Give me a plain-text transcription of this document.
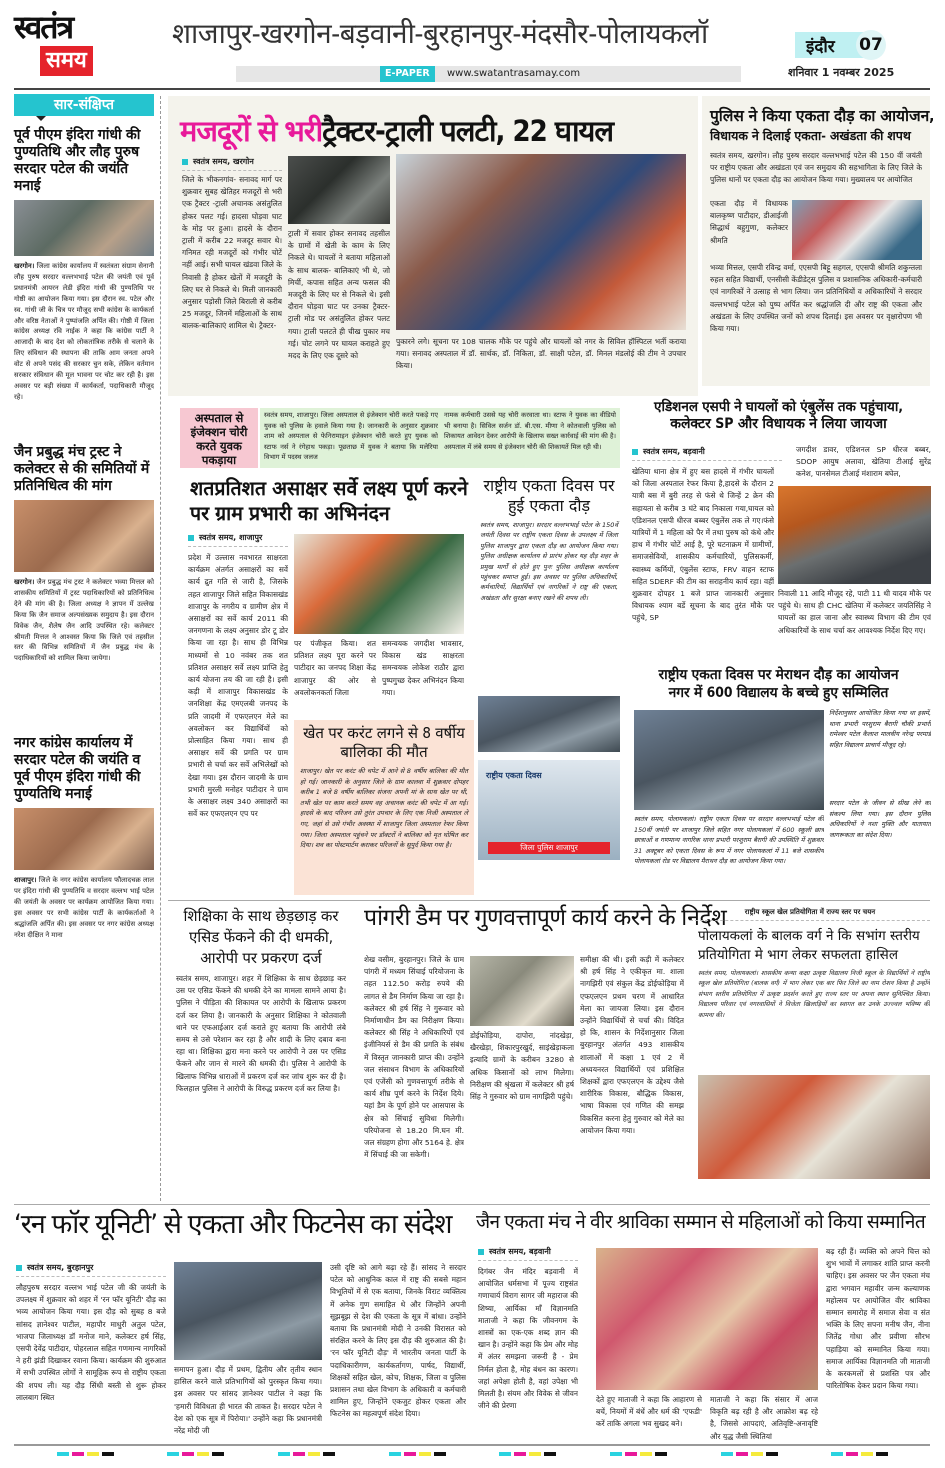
स्वतंत्र
समय
शाजापुर-खरगोन-बड़वानी-बुरहानपुर-मंदसौर-पोलायकलॉ
E-PAPER	www.swatantrasamay.com
इंदौर 07
शनिवार 1 नवम्बर 2025
सार-संक्षिप्त
पूर्व पीएम इंदिरा गांधी की पुण्यतिथि और लौह पुरुष सरदार पटेल की जयंति मनाई
खरगोन। जिला कांग्रेस कार्यालय में स्वतंत्रता संग्राम सेनानी लौह पुरुष सरदार वल्लभभाई पटेल की जयंती एवं पूर्व प्रधानमंत्री आयरन लेडी इंदिरा गांधी की पुण्यतिथि पर गोष्ठी का आयोजन किया गया। इस दौरान स्व. पटेल और स्व. गांधी जी के चित्र पर मौजूद सभी कांग्रेस के कार्यकर्ता और वरिष्ठ नेताओं ने पुष्पांजलि अर्पित की। गोष्ठी में जिला कांग्रेस अध्यक्ष रवि नाईक ने कहा कि कांग्रेस पार्टी ने आजादी के बाद देश को लोकतांत्रिक तरीके से चलाने के लिए संविधान की स्थापना की ताकि आम जनता अपने वोट से अपने पसंद की सरकार चुन सके, लेकिन वर्तमान सरकार संविधान की मूल भावना पर चोट कर रही है। इस अवसर पर बड़ी संख्या में कार्यकर्ता, पदाधिकारी मौजूद रहे।
जैन प्रबुद्ध मंच ट्रस्ट ने कलेक्टर से की समितियों में प्रतिनिधित्व की मांग
खरगोन। जैन प्रबुद्ध मंच ट्रस्ट ने कलेक्टर भव्या मित्तल को शासकीय समितियों में ट्रस्ट पदाधिकारियों को प्रतिनिधित्व देने की मांग की है। जिला अध्यक्ष ने ज्ञापन में उल्लेख किया कि जैन समाज अल्पसंख्यक समुदाय है। इस दौरान विवेक जैन, शैलेष जैन आदि उपस्थित रहे। कलेक्टर श्रीमती मित्तल ने आश्वस्त किया कि जिले एवं तहसील स्तर की विभिन्न समितियों में जैन प्रबुद्ध मंच के पदाधिकारियों को शामिल किया जायेगा।
नगर कांग्रेस कार्यालय में सरदार पटेल की जयंति व पूर्व पीएम इंदिरा गांधी की पुण्यतिथि मनाई
शाजापुर। जिले के नगर कांग्रेस कार्यालय फौलादचक्र लाल पर इंदिरा गांधी की पुण्यतिथि व सरदार वल्लभ भाई पटेल की जयंती के अवसर पर कार्यक्रम आयोजित किया गया। इस अवसर पर सभी कांग्रेस पार्टी के कार्यकर्ताओं ने श्रद्धांजलि अर्पित की। इस अवसर पर नगर कांग्रेस अध्यक्ष नरेश दीक्षित ने माना
मजदूरों से भरीट्रैक्टर-ट्राली पलटी, 22 घायल
स्वतंत्र समय, खरगोन
जिले के भीकनगांव- सनावद मार्ग पर शुक्रवार सुबह खेतिहर मजदूरों से भरी एक ट्रैक्टर -ट्राली अचानक असंतुलित होकर पलट गई। हादसा घोड़वा घाट के मोड़ पर हुआ। हादसे के दौरान ट्राली में करीब 22 मजदूर सवार थे। गनिमत रही मजदूरों को गंभीर चोटें नहीं आई। सभी घायल खंडवा जिले के निवासी है होकर खेतों में मजदूरी के लिए घर से निकले थे। मिली जानकारी अनुसार पड़ोसी जिले बिराली से करीब 25 मजदूर, जिनमें महिलाओं के साथ बालक-बालिकाएं शामिल थे। ट्रैक्टर-
ट्राली में सवार होकर सनावद तहसील के ग्रामों में खेती के काम के लिए निकले थे। घायलों ने बताया महिलाओं के साथ बालक- बालिकाएं भी थे, जो मिर्ची, कपास सहित अन्य फसल की मजदूरी के लिए घर से निकले थे। इसी दौरान घोड़वा घाट पर उनका ट्रैक्टर-ट्राली मोड पर असंतुलित होकर पलट गया। ट्राली पलटते ही चीख पुकार मच गई। चोट लगने पर घायल कराहते हुए मदद के लिए एक दूसरे को
पुकारने लगे। सूचना पर 108 चालक मौके पर पहुंचे और घायलों को नगर के सिविल हॉस्पिटल भर्ती कराया गया। सनावद अस्पताल में डॉ. सार्थक, डॉ. निकिता, डॉ. साक्षी पटेल, डॉ. मिनल मंडलोई की टीम ने उपचार किया।
पुलिस ने किया एकता दौड़ का आयोजन,
विधायक ने दिलाई एकता- अखंडता की शपथ
स्वतंत्र समय, खरगोन। लौह पुरुष सरदार वल्लभभाई पटेल की 150 वीं जयंती पर राष्ट्रीय एकता और अखंडता एवं जन समुदाय की सहभागिता के लिए जिले के पुलिस थानों पर एकता दौड़ का आयोजन किया गया। मुख्यालय पर आयोजित
एकता दौड़ में विधायक बालकृष्ण पाटीदार, डीआईजी सिद्धार्थ बहुगुणा, कलेक्टर श्रीमति
भव्या मित्तल, एसपी रविन्द्र वर्मा, एएसपी बिट्टू सहगल, एएसपी श्रीमति शकुन्तला रुहल सहित विद्यार्थी, एनसीसी केंडीडेट्स पुलिस व प्रशासनिक अधिकारी-कर्मचारी एवं नागरिकों ने उत्साह से भाग लिया। जन प्रतिनिधियों व अधिकारियों ने सरदार वल्लभभाई पटेल को पुष्प अर्पित कर श्रद्धांजलि दी और राष्ट्र की एकता और अखंडता के लिए उपस्थित जनों को शपथ दिलाई। इस अवसर पर वृक्षारोपण भी किया गया।
अस्पताल से इंजेक्शन चोरी करते युवक पकड़ाया
स्वतंत्र समय, शाजापुर। जिला अस्पताल से इंजेक्शन चोरी करते पकड़े गए युवक को पुलिस के हवाले किया गया है। जानकारी के अनुसार शुक्रवार शाम को अस्पताल से फेनिरामाइन इंजेक्शन चोरी करते हुए युवक को स्टाफ नर्स ने रंगेहाथ पकड़ा। पूछताछ में युवक ने बताया कि मलेरिया विभाग में पदस्थ जलज
नामक कर्मचारी उससे यह चोरी करवाता था। स्टाफ ने युवक का वीडियो भी बनाया है। सिविल सर्जन डॉ. बी.एस. मीणा ने कोतवाली पुलिस को शिकायत आवेदन देकर आरोपी के खिलाफ सख्त कार्रवाई की मांग की है। अस्पताल में लंबे समय से इंजेक्शन चोरी की शिकायतें मिल रही थी।
शतप्रतिशत असाक्षर सर्वे लक्ष्य पूर्ण करने पर ग्राम प्रभारी का अभिनंदन
स्वतंत्र समय, शाजापुर
प्रदेश में उल्लास नवभारत साक्षरता कार्यक्रम अंतर्गत असाक्षरों का सर्वे कार्य द्रुत गति से जारी है, जिसके तहत शाजापुर जिले सहित विकासखंड शाजापुर के नगरीय व ग्रामीण क्षेत्र में असाक्षरों का सर्वे कार्य 2011 की जनगणना के लक्ष्य अनुसार डोर टू डोर किया जा रहा है। साथ ही विभिन्न माध्यमों से 10 नवंबर तक शत प्रतिशत असाक्षर सर्वे लक्ष्य प्राप्ति हेतु कार्य योजना तय की जा रही है। इसी कड़ी में शाजापुर विकासखंड के जनशिक्षा केंद्र एमएलबी जनपद के प्रति जादमी में एफएलएन मेले का अवलोकन कर विद्यार्थियों को प्रोत्साहित किया गया। साथ ही असाक्षर सर्वे की प्रगति पर ग्राम प्रभारी से चर्चा कर सर्वे अभिलेखों को देखा गया। इस दौरान जादमी के ग्राम प्रभारी मुरली मनोहर पाटीदार ने ग्राम के असाक्षर लक्ष्य 340 असाक्षरों का सर्वे कर एफएलएन एप पर
पर पंजीकृत किया। शत प्रतिशत लक्ष्य पूरा करने पर पाटीदार का जनपद शिक्षा केंद्र शाजापुर की ओर से अवलोकनकर्ता जिला
समन्वयक जगदीश भावसार, विकास खंड साक्षरता समन्वयक लोकेश राठौर द्वारा पुष्पगुच्छ देकर अभिनंदन किया गया।
खेत पर करंट लगने से 8 वर्षीय बालिका की मौत
शाजापुर। खेत पर करंट की चपेट में आने से 8 वर्षीय बालिका की मौत हो गई। जानकारी के अनुसार जिले के ग्राम कालवा में शुक्रवार दोपहर करीब 1 बजे 8 वर्षीय बालिका संजना अपनी मां के साथ खेत पर थी, तभी खेत पर काम करते समय वह अचानक करंट की चपेट में आ गई। हादसे के बाद परिजन उसे तुरंत उपचार के लिए एक निजी अस्पताल ले गए, जहां से उसे गंभीर अवस्था में शाजापुर जिला अस्पताल रेफर किया गया। जिला अस्पताल पहुंचने पर डॉक्टरों ने बालिका को मृत घोषित कर दिया। शव का पोस्टमार्टम कराकर परिजनों के सुपुर्द किया गया है।
राष्ट्रीय एकता दिवस पर हुई एकता दौड़
स्वतंत्र समय, शाजापुर। सरदार वल्लभभाई पटेल के 150वें जयंती दिवस पर राष्ट्रीय एकता दिवस के उपलक्ष्य में जिला पुलिस शाजापुर द्वारा एकता दौड़ का आयोजन किया गया। पुलिस अधीक्षक कार्यालय से प्रारंभ होकर यह दौड़ शहर के प्रमुख मार्गों से होते हुए पुनः पुलिस अधीक्षक कार्यालय पहुंचकर समाप्त हुई। इस अवसर पर पुलिस अधिकारियों, कर्मचारियों, विद्यार्थियों एवं नागरिकों ने राष्ट्र की एकता, अखंडता और सुरक्षा बनाए रखने की शपथ ली।
राष्ट्रीय एकता दिवस
जिला पुलिस शाजापुर
एडिशनल एसपी ने घायलों को एंबुलेंस तक पहुंचाया,
कलेक्टर SP और विधायक ने लिया जायजा
स्वतंत्र समय, बड़वानी	जगदीश डावर, एडिशनल SP धीरज बब्बर, SDOP आयुष अलावा, खेतिया टीआई सुरेंद्र कनेश, पानसेमल टीआई मंशाराम बघेल,
खेतिया थाना क्षेत्र में हुए बस हादसे में गंभीर घायलों को जिला अस्पताल रेफर किया है,हादसे के दौरान 2 यात्री बस में बुरी तरह से फंसे थे जिन्हें 2 क्रेन की सहायता से करीब 3 घंटे बाद निकाला गया,घायल को एडिशनल एसपी धीरज बब्बर एंबुलेंस तक ले गए।फंसे यात्रियों में 1 महिला को पैर में तथा पुरुष को कंधे और हाथ में गंभीर चोटें आई है, पूरे घटनाक्रम में ग्रामीणों, समाजसेवियों, शासकीय कर्मचारियों, पुलिसकर्मी, स्वास्थ्य कर्मियों, एंबुलेंस स्टाफ, FRV वाहन स्टाफ सहित SDERF की टीम का सराहनीय कार्य रहा। वहीं शुक्रवार दोपहर 1 बजे प्राप्त जानकारी अनुसार विधायक श्याम बर्डे सूचना के बाद तुरंत मौके पर पहुंचे, SP
निवाली 11 आदि मौजूद रहे, पाटी 11 थी यादव मौके पर पहुंचे थे। साथ ही CHC खेतिया में कलेक्टर जयतिसिंह ने घायलों का हाल जाना और स्वास्थ्य विभाग की टीम एवं अधिकारियों के साथ चर्चा कर आवश्यक निर्देश दिए गए।
राष्ट्रीय एकता दिवस पर मेराथन दौड़ का आयोजन
नगर में 600 विद्यालय के बच्चे हुए सम्मिलित
निर्देशानुसार आयोजित किया गया था इसमें, थाना प्रभारी परशुराम बैरागी चौकी प्रभारी रामेश्वर पटेल कैलाश मालवीय नरेन्द्र परमार्ड सहित विद्यालय प्राचार्य मौजूद रहे।
सरदार पटेल के जीवन से सीख लेने का संकल्प लिया गया। इस दौरान पुलिस अधिकारियों ने नशा मुक्ति और यातायात जागरूकता का संदेश दिया।
स्वतंत्र समय, पोलायकलां। राष्ट्रीय एकता दिवस पर सरदार वल्लभभाई पटेल की 150वीं जयंती पर शाजापुर जिले सहित नगर पोलायकलां में 600 स्कूली छात्र छात्राओं व गणमान्य नागरिक थाना प्रभारी परशुराम बैरागी की उपस्थिति में शुक्रवार 31 अक्टूबर को एकता दिवस के रूप में नगर पोलायकलां में 11 बजे शासकीय पोलायकलां रोड पर विद्यालय मैराथन दौड़ का आयोजन किया गया।
शिक्षिका के साथ छेड़छाड़ कर एसिड फेंकने की दी धमकी, आरोपी पर प्रकरण दर्ज
स्वतंत्र समय, शाजापुर। शहर में शिक्षिका के साथ छेड़छाड़ कर उस पर एसिड फेंकने की धमकी देने का मामला सामने आया है। पुलिस ने पीड़िता की शिकायत पर आरोपी के खिलाफ प्रकरण दर्ज कर लिया है। जानकारी के अनुसार शिक्षिका ने कोतवाली थाने पर एफआईआर दर्ज कराते हुए बताया कि आरोपी लंबे समय से उसे परेशान कर रहा है और शादी के लिए दबाव बना रहा था। शिक्षिका द्वारा मना करने पर आरोपी ने उस पर एसिड फेंकने और जान से मारने की धमकी दी। पुलिस ने आरोपी के खिलाफ विभिन्न धाराओं में प्रकरण दर्ज कर जांच शुरू कर दी है। फिलहाल पुलिस ने आरोपी के विरुद्ध प्रकरण दर्ज कर लिया है।
पांगरी डैम पर गुणवत्तापूर्ण कार्य करने के निर्देश
शेख वसीम, बुरहानपुर। जिले के ग्राम पांगरी में मध्यम सिंचाई परियोजना के तहत 112.50 करोड़ रुपये की लागत से डैम निर्माण किया जा रहा है। कलेक्टर श्री हर्ष सिंह ने गुरूवार को निर्माणाधीन डैम का निरीक्षण किया। कलेक्टर श्री सिंह ने अधिकारियों एवं इंजीनियर्स से डैम की प्रगति के संबंध में विस्तृत जानकारी प्राप्त की। उन्होंने जल संसाधन विभाग के अधिकारियों एवं एजेंसी को गुणवत्तापूर्ण तरीके से कार्य शीघ्र पूर्ण करने के निर्देश दिये। यहां डैम के पूर्ण होने पर आसपास के क्षेत्र को सिंचाई सुविधा मिलेगी। परियोजना से 18.20 मि.घन मी. जल संग्रहण होगा और 5164 हे. क्षेत्र में सिंचाई की जा सकेगी।
डोईफोड़िया, दापोरा, नांदखेड़ा, खैरखेड़ा, शिकारपुरखुर्द, साइंखेड़ाकला इत्यादि ग्रामों के करीबन 3280 से अधिक किसानों को लाभ मिलेगा। निरीक्षण की श्रृंखला में कलेक्टर श्री हर्ष सिंह ने गुरुवार को ग्राम नागझिरी पहुंचे।
समीक्षा की थी। इसी कड़ी में कलेक्टर श्री हर्ष सिंह ने एकीकृत मा. शाला नागझिरी एवं संकुल केंद्र डोईफोड़िया में एफएलएन प्रथम चरण में आधारित मेला का जायजा लिया। इस दौरान उन्होंने विद्यार्थियों से चर्चा की। विदित हो कि, शासन के निर्देशानुसार जिला बुरहानपुर अंतर्गत 493 शासकीय शालाओं में कक्षा 1 एवं 2 में अध्ययनरत विद्यार्थियों एवं प्रशिक्षित शिक्षकों द्वारा एफएलएन के उद्देश्य जैसे शारीरिक विकास, बौद्धिक विकास, भाषा विकास एवं गणित की समझ विकसित करना हेतु गुरुवार को मेले का आयोजन किया गया।
राष्ट्रीय स्कूल खेल प्रतियोगिता में राज्य स्तर पर चयन
पोलायकलां के बालक वर्ग ने कि सभांग स्तरीय प्रतियोगिता मे भाग लेकर सफलता हासिल
स्वतंत्र समय, पोलायकलां। शासकीय कन्या कक्षा उत्कृष्ट विद्यालय निजी स्कूल के विद्यार्थियों ने राष्ट्रीय स्कूल खेल प्रतियोगिता (बालक वर्ग) में भाग लेकर एक बार फिर जिले का नाम रोशन किया है उन्होंने संभाग स्तरीय प्रतियोगिता में उत्कृष्ट प्रदर्शन करते हुए राज्य स्तर पर अपना स्थान सुनिश्चित किया। विद्यालय परिवार एवं नगरवासियों ने विजेता खिलाड़ियों का स्वागत कर उनके उज्ज्वल भविष्य की कामना की।
‘रन फॉर यूनिटी’ से एकता और फिटनेस का संदेश
स्वतंत्र समय, बुरहानपुर
लौहपुरुष सरदार वल्लभ भाई पटेल जी की जयंती के उपलक्ष्य में शुक्रवार को शहर में 'रन फॉर यूनिटी' दौड़ का भव्य आयोजन किया गया। इस दौड़ को सुबह 8 बजे सांसद ज्ञानेश्वर पाटील, महापौर माधुरी अतुल पटेल, भाजपा जिलाध्यक्ष डॉ मनोज माने, कलेक्टर हर्ष सिंह, एसपी देवेंद्र पाटीदार, पोहरलाल सहित गणमान्य नागरिकों ने हरी झंडी दिखाकर रवाना किया। कार्यक्रम की शुरुआत में सभी उपस्थित लोगों ने सामूहिक रूप से राष्ट्रीय एकता की शपथ ली। यह दौड़ सिंधी बस्ती से शुरू होकर लालबाग स्थित
समापन हुआ। दौड़ में प्रथम, द्वितीय और तृतीय स्थान हासिल करने वाले प्रतिभागियों को पुरस्कृत किया गया। इस अवसर पर सांसद ज्ञानेश्वर पाटील ने कहा कि 'हमारी विविधता ही भारत की ताकत है। सरदार पटेल ने देश को एक सूत्र में पिरोया।' उन्होंने कहा कि प्रधानमंत्री नरेंद्र मोदी जी
उसी दृष्टि को आगे बढ़ा रहे हैं। सांसद ने सरदार पटेल को आधुनिक काल में राष्ट्र की सबसे महान विभूतियों में से एक बताया, जिनके विराट व्यक्तित्व में अनेक गुण समाहित थे और जिन्होंने अपनी सूझबूझ से देश की एकता के सूत्र में बांधा। उन्होंने बताया कि प्रधानमंत्री मोदी ने उनकी विरासत को संरक्षित करने के लिए इस दौड़ की शुरुआत की है। 'रन फॉर यूनिटी दौड़' में भारतीय जनता पार्टी के पदाधिकारीगण, कार्यकर्तागण, पार्षद, विद्यार्थी, शिक्षकों सहित खेल, कोच, शिक्षक, जिला व पुलिस प्रशासन तथा खेल विभाग के अधिकारी व कर्मचारी शामिल हुए, जिन्होंने एकजुट होकर एकता और फिटनेस का महत्वपूर्ण संदेश दिया।
जैन एकता मंच ने वीर श्राविका सम्मान से महिलाओं को किया सम्मानित
स्वतंत्र समय, बड़वानी
दिगंबर जैन मंदिर बड़वानी में आयोजित धर्मसभा में पूज्य राष्ट्रसंत गणाचार्य विराग सागर जी महाराज की शिष्या, आर्यिका माँ विज्ञानमति माताजी ने कहा कि जीवनगम के शास्त्रों का एक-एक शब्द ज्ञान की खान है। उन्होंने कहा कि प्रेम और मोह में अंतर समझना जरूरी है - प्रेम निर्मल होता है, मोह बंधन का कारण। जहां अपेक्षा होती है, वहां उपेक्षा भी मिलती है। संयम और विवेक से जीवन जीने की प्रेरणा
देते हुए माताजी ने कहा कि आहारण से बचें, नियमों में बंधें और धर्म की 'एफडी' करें ताकि अगला भव सुखद बने।
माताजी ने कहा कि संसार में आज विकृति बढ़ रही है और आक्रोश बढ़ रहे है, जिससे आपदाएं, अतिवृष्टि-अनावृष्टि और युद्ध जैसी स्थितियां
बढ़ रही हैं। व्यक्ति को अपने चित्त को शुभ भावों में लगाकर शांति प्राप्त करनी चाहिए। इस अवसर पर जैन एकता मंच द्वारा भगवान महावीर जन्म कल्याणक महोत्सव पर आयोजित वीर श्राविका सम्मान समारोह में समाज सेवा व संत भक्ति के लिए सपना मनीष जैन, नीना जितेंद्र गोधा और प्रवीणा सौरभ पहाड़िया को सम्मानित किया गया। समाज आर्यिका विज्ञानमति जी माताजी के करकमलों से प्रशस्ति पत्र और पारितोषिक देकर प्रदान किया गया।
